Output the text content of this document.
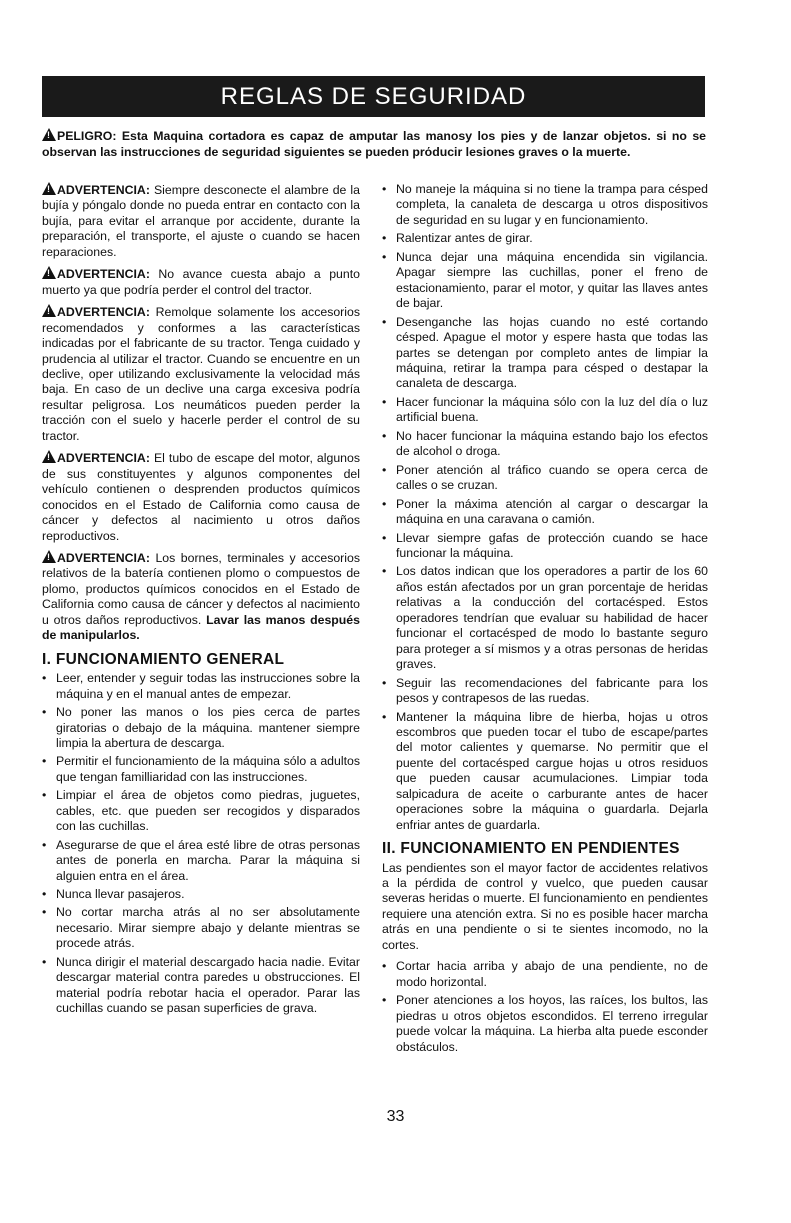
REGLAS DE SEGURIDAD
!PELIGRO: Esta Maquina cortadora es capaz de amputar las manosy los pies y de lanzar objetos. si no se observan las instrucciones de seguridad siguientes se pueden prόducir lesiones graves o la muerte.

!ADVERTENCIA: Siempre desconecte el alambre de la bujía y póngalo donde no pueda entrar en contacto con la bujía, para evitar el arranque por accidente, durante la preparación, el transporte, el ajuste o cuando se hacen reparaciones.

!ADVERTENCIA: No avance cuesta abajo a punto muerto ya que podría perder el control del tractor.

!ADVERTENCIA: Remolque solamente los accesorios recomendados y conformes a las características indicadas por el fabricante de su tractor. Tenga cuidado y prudencia al utilizar el tractor. Cuando se encuentre en un declive, oper utilizando exclusivamente la velocidad más baja. En caso de un declive una carga excesiva podría resultar peligrosa. Los neumáticos pueden perder la tracción con el suelo y hacerle perder el control de su tractor.

!ADVERTENCIA: El tubo de escape del motor, algunos de sus constituyentes y algunos componentes del vehículo contienen o desprenden productos químicos conocidos en el Estado de California como causa de cáncer y defectos al nacimiento u otros daños reproductivos.

!ADVERTENCIA: Los bornes, terminales y accesorios relativos de la batería contienen plomo o compuestos de plomo, productos químicos conocidos en el Estado de California como causa de cáncer y defectos al nacimiento u otros daños reproductivos. Lavar las manos después de manipularlos.

I. FUNCIONAMIENTO GENERAL
• Leer, entender y seguir todas las instrucciones sobre la máquina y en el manual antes de empezar.
• No poner las manos o los pies cerca de partes giratorias o debajo de la máquina. mantener siempre limpia la abertura de descarga.
• Permitir el funcionamiento de la máquina sólo a adultos que tengan familliaridad con las instrucciones.
• Limpiar el área de objetos como piedras, juguetes, cables, etc. que pueden ser recogidos y disparados con las cuchillas.
• Asegurarse de que el área esté libre de otras personas antes de ponerla en marcha. Parar la máquina si alguien entra en el área.
• Nunca llevar pasajeros.
• No cortar marcha atrás al no ser absolutamente necesario. Mirar siempre abajo y delante mientras se procede atrás.
• Nunca dirigir el material descargado hacia nadie. Evitar descargar material contra paredes u obstrucciones. El material podría rebotar hacia el operador. Parar las cuchillas cuando se pasan superficies de grava.
• No maneje la máquina si no tiene la trampa para césped completa, la canaleta de descarga u otros dispositivos de seguridad en su lugar y en funcionamiento.
• Ralentizar antes de girar.
• Nunca dejar una máquina encendida sin vigilancia. Apagar siempre las cuchillas, poner el freno de estacionamiento, parar el motor, y quitar las llaves antes de bajar.
• Desenganche las hojas cuando no esté cortando césped. Apague el motor y espere hasta que todas las partes se detengan por completo antes de limpiar la máquina, retirar la trampa para césped o destapar la canaleta de descarga.
• Hacer funcionar la máquina sólo con la luz del día o luz artificial buena.
• No hacer funcionar la máquina estando bajo los efectos de alcohol o droga.
• Poner atención al tráfico cuando se opera cerca de calles o se cruzan.
• Poner la máxima atención al cargar o descargar la máquina en una caravana o camión.
• Llevar siempre gafas de protección cuando se hace funcionar la máquina.
• Los datos indican que los operadores a partir de los 60 años están afectados por un gran porcentaje de heridas relativas a la conducción del cortacésped. Estos operadores tendrían que evaluar su habilidad de hacer funcionar el cortacésped de modo lo bastante seguro para proteger a sí mismos y a otras personas de heridas graves.
• Seguir las recomendaciones del fabricante para los pesos y contrapesos de las ruedas.
• Mantener la máquina libre de hierba, hojas u otros escombros que pueden tocar el tubo de escape/partes del motor calientes y quemarse. No permitir que el puente del cortacésped cargue hojas u otros residuos que pueden causar acumulaciones. Limpiar toda salpicadura de aceite o carburante antes de hacer operaciones sobre la máquina o guardarla. Dejarla enfriar antes de guardarla.
II. FUNCIONAMIENTO EN PENDIENTES

Las pendientes son el mayor factor de accidentes relativos a la pérdida de control y vuelco, que pueden causar severas heridas o muerte. El funcionamiento en pendientes requiere una atención extra. Si no es posible hacer marcha atrás en una pendiente o si te sientes incomodo, no la cortes.

• Cortar hacia arriba y abajo de una pendiente, no de modo horizontal.
• Poner atenciones a los hoyos, las raíces, los bultos, las piedras u otros objetos escondidos. El terreno irregular puede volcar la máquina. La hierba alta puede esconder obstáculos.
33
